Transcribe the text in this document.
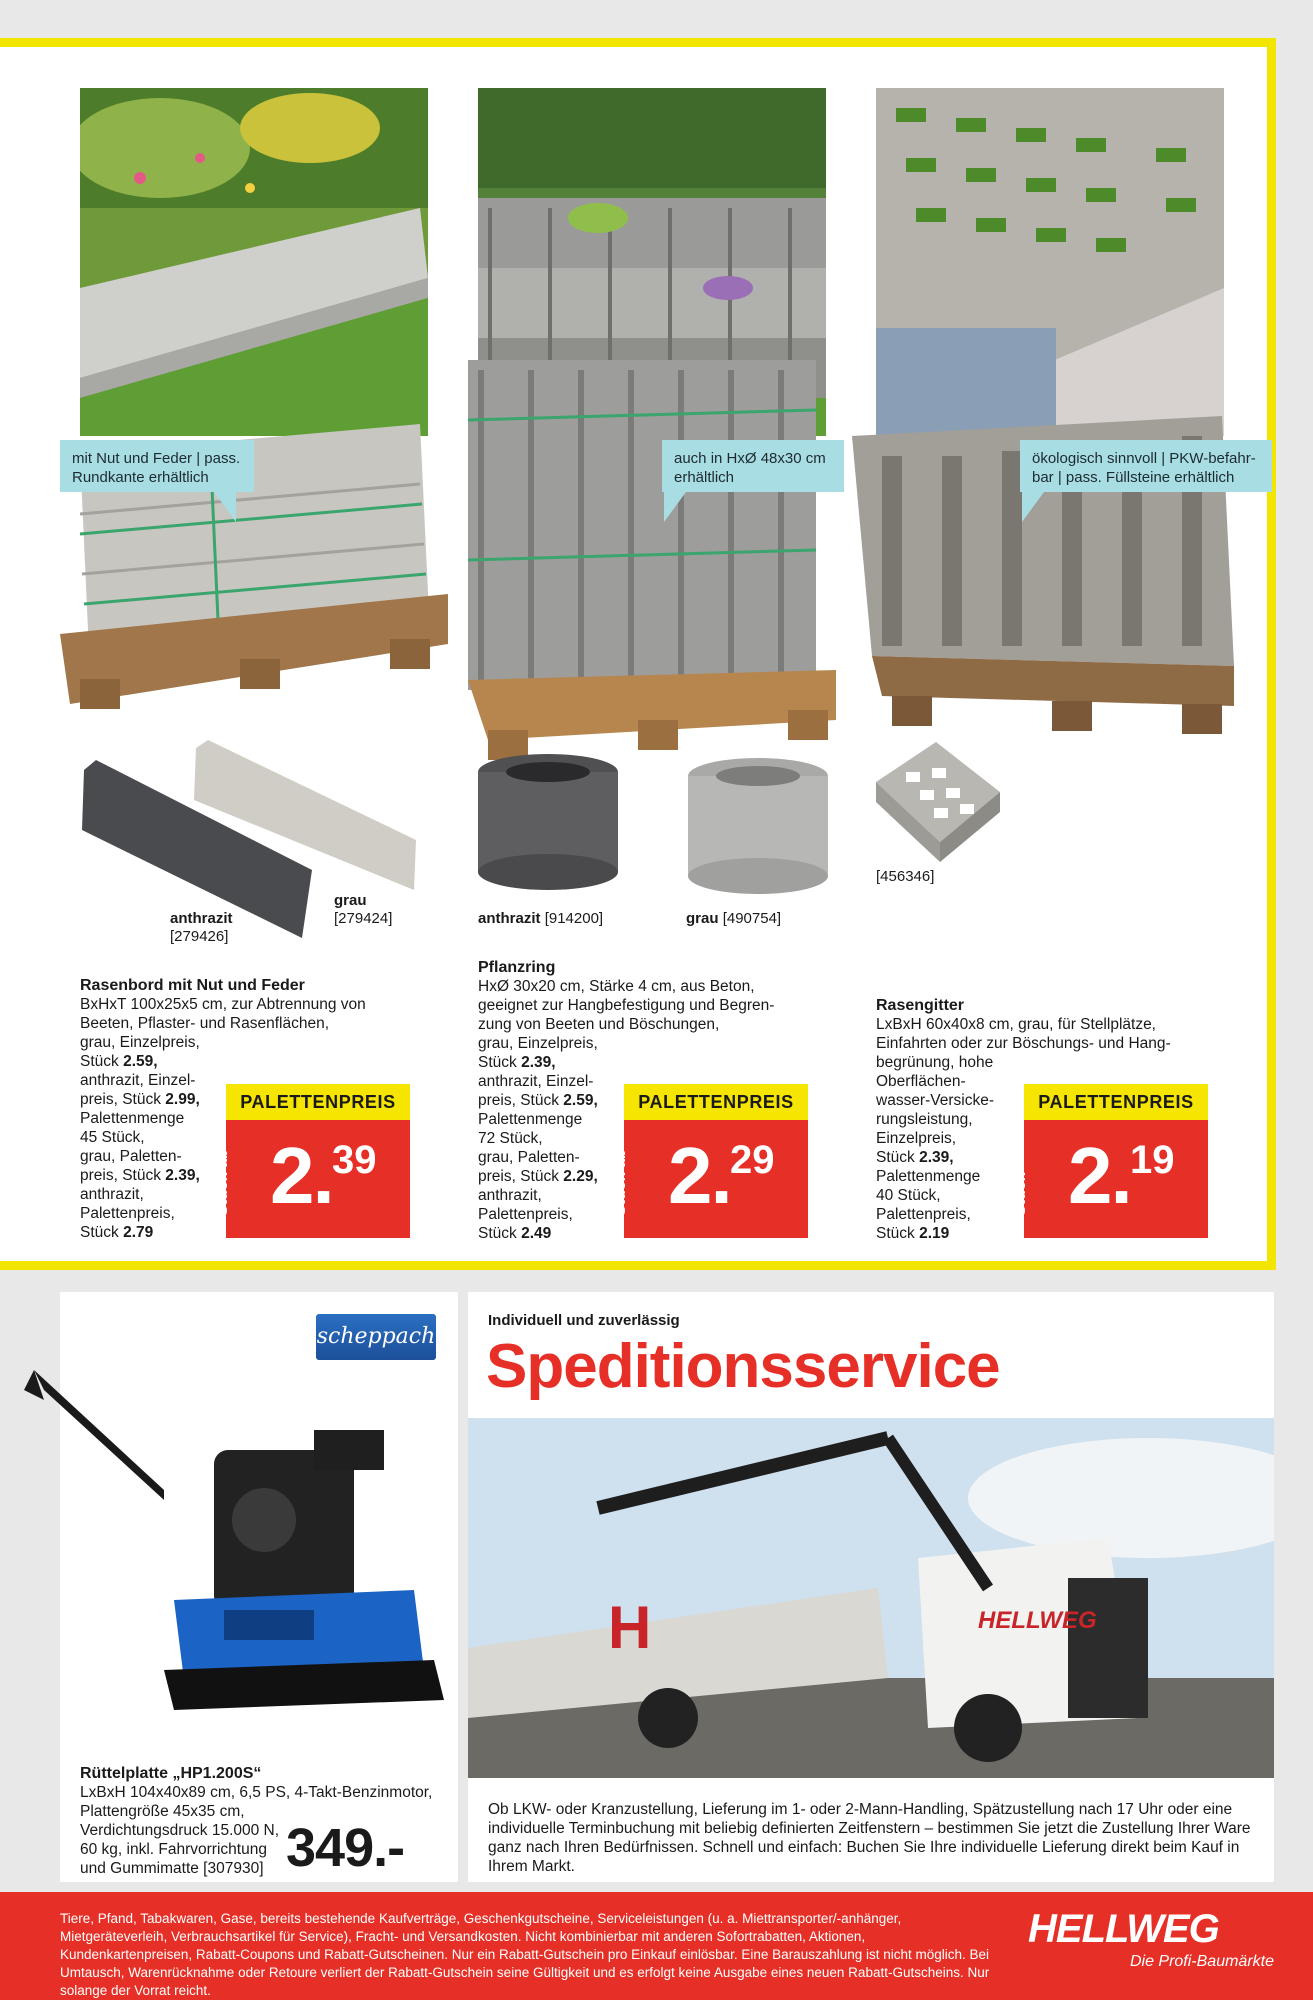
mit Nut und Feder | pass.
Rundkante erhältlich
auch in HxØ 48x30 cm
erhältlich
ökologisch sinnvoll | PKW-befahr-
bar | pass. Füllsteine erhältlich
anthrazit
[279426]
grau
[279424]	anthrazit [914200]	grau [490754]
[456346]
Rasenbord mit Nut und Feder
BxHxT 100x25x5 cm, zur Abtrennung von
Beeten, Pflaster- und Rasenflächen,
grau, Einzelpreis,
Stück 2.59,
anthrazit, Einzel-
preis, Stück 2.99,
Palettenmenge
45 Stück,
grau, Paletten-
preis, Stück 2.39,
anthrazit,
Palettenpreis,
Stück 2.79
Pflanzring
HxØ 30x20 cm, Stärke 4 cm, aus Beton,
geeignet zur Hangbefestigung und Begren-
zung von Beeten und Böschungen,
grau, Einzelpreis,
Stück 2.39,
anthrazit, Einzel-
preis, Stück 2.59,
Palettenmenge
72 Stück,
grau, Paletten-
preis, Stück 2.29,
anthrazit,
Palettenpreis,
Stück 2.49
Rasengitter
LxBxH 60x40x8 cm, grau, für Stellplätze,
Einfahrten oder zur Böschungs- und Hang-
begrünung, hohe
Oberflächen-
wasser-Versicke-
rungsleistung,
Einzelpreis,
Stück 2.39,
Palettenmenge
40 Stück,
Palettenpreis,
Stück 2.19
PALETTENPREIS
Stück ab 2. 39
PALETTENPREIS
Stück ab 2. 29
PALETTENPREIS
Stück 2. 19
scheppach
Rüttelplatte „HP1.200S“
LxBxH 104x40x89 cm, 6,5 PS, 4-Takt-Benzinmotor,
Plattengröße 45x35 cm,
Verdichtungsdruck 15.000 N,
60 kg, inkl. Fahrvorrichtung
und Gummimatte [307930] 349.-
Individuell und zuverlässig
Speditionsservice
HELLWEG
H
Ob LKW- oder Kranzustellung, Lieferung im 1- oder 2-Mann-Handling, Spätzustellung nach 17 Uhr oder eine individuelle Terminbuchung mit beliebig definierten Zeitfenstern – bestimmen Sie jetzt die Zustellung Ihrer Ware ganz nach Ihren Bedürfnissen. Schnell und einfach: Buchen Sie Ihre individuelle Lieferung direkt beim Kauf in Ihrem Markt.
Tiere, Pfand, Tabakwaren, Gase, bereits bestehende Kaufverträge, Geschenkgutscheine, Serviceleistungen (u. a. Miettransporter/-anhänger, Mietgeräteverleih, Verbrauchsartikel für Service), Fracht- und Versandkosten. Nicht kombinierbar mit anderen Sofortrabatten, Aktionen, Kundenkartenpreisen, Rabatt-Coupons und Rabatt-Gutscheinen. Nur ein Rabatt-Gutschein pro Einkauf einlösbar. Eine Barauszahlung ist nicht möglich. Bei Umtausch, Warenrücknahme oder Retoure verliert der Rabatt-Gutschein seine Gültigkeit und es erfolgt keine Ausgabe eines neuen Rabatt-Gutscheins. Nur solange der Vorrat reicht.
HELLWEG
Die Profi-Baumärkte
